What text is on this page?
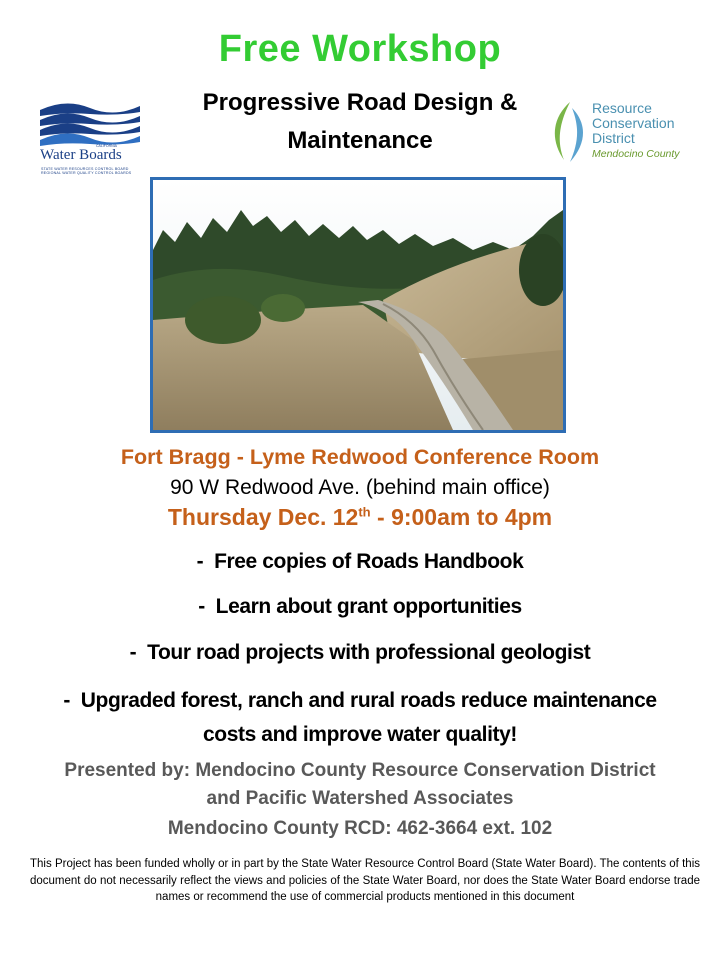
Free Workshop
Progressive Road Design &
Maintenance
CALIFORNIA
Water Boards
STATE WATER RESOURCES CONTROL BOARD
REGIONAL WATER QUALITY CONTROL BOARDS
Resource
Conservation
District
Mendocino County
Fort Bragg - Lyme Redwood Conference Room
90 W Redwood Ave. (behind main office)
Thursday Dec. 12th - 9:00am to 4pm
-  Free copies of Roads Handbook
-  Learn about grant opportunities
-  Tour road projects with professional geologist
-  Upgraded forest, ranch and rural roads reduce maintenance
costs and improve water quality!
Presented by: Mendocino County Resource Conservation District
and Pacific Watershed Associates
Mendocino County RCD: 462-3664 ext. 102
This Project has been funded wholly or in part by the State Water Resource Control Board (State Water Board). The contents of this document do not necessarily reflect the views and policies of the State Water Board, nor does the State Water Board endorse trade names or recommend the use of commercial products mentioned in this document
